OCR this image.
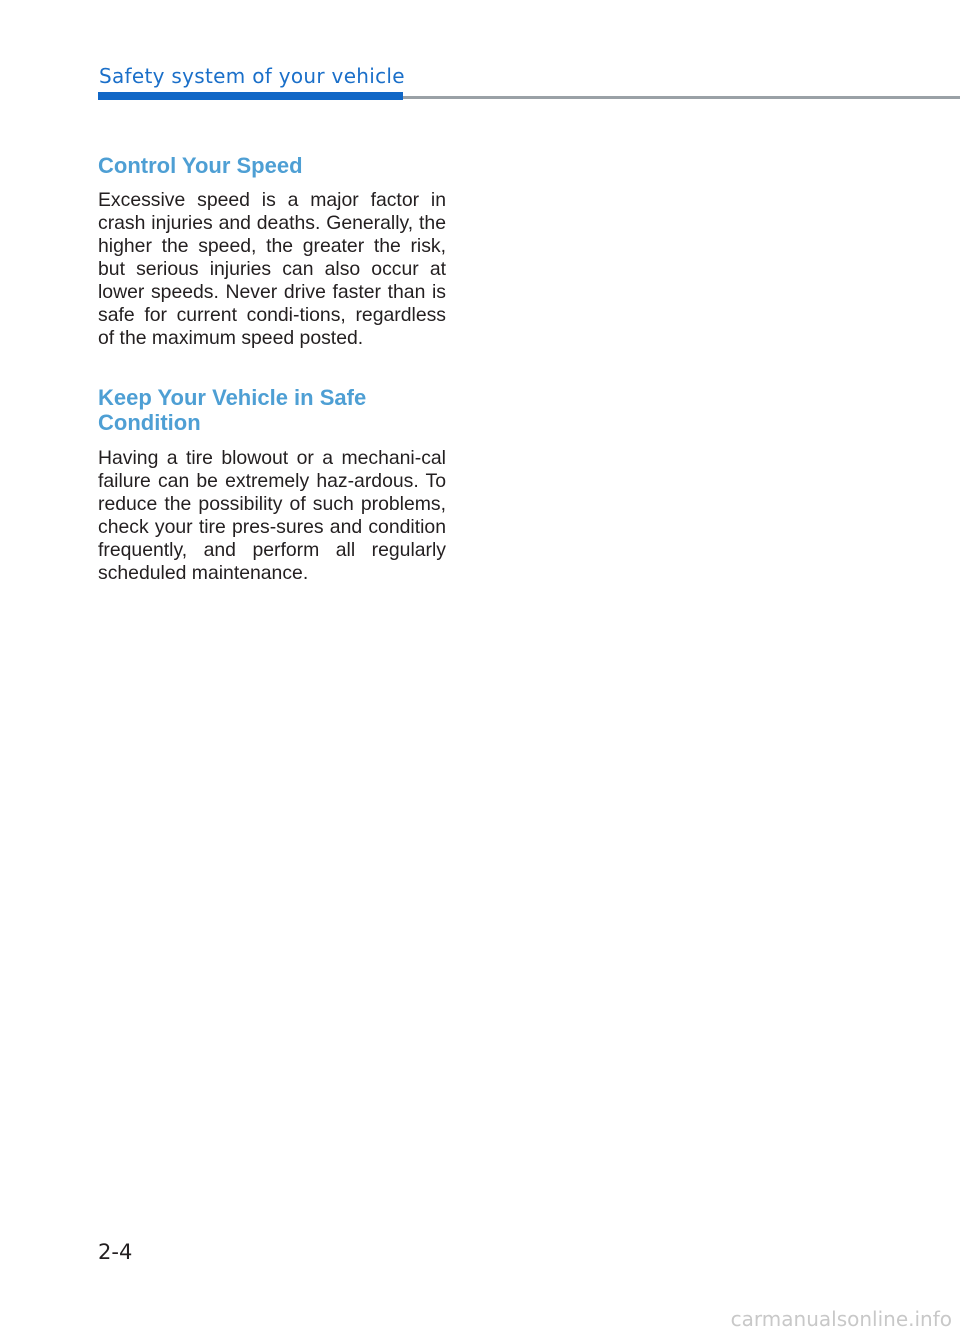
Safety system of your vehicle
Control Your Speed

Excessive speed is a major factor in crash injuries and deaths. Generally, the higher the speed, the greater the risk, but serious injuries can also occur at lower speeds. Never drive faster than is safe for current condi-tions, regardless of the maximum speed posted.

Keep Your Vehicle in Safe
Condition

Having a tire blowout or a mechani-cal failure can be extremely haz-ardous. To reduce the possibility of such problems, check your tire pres-sures and condition frequently, and perform all regularly scheduled maintenance.

2-4
carmanualsonline.info
